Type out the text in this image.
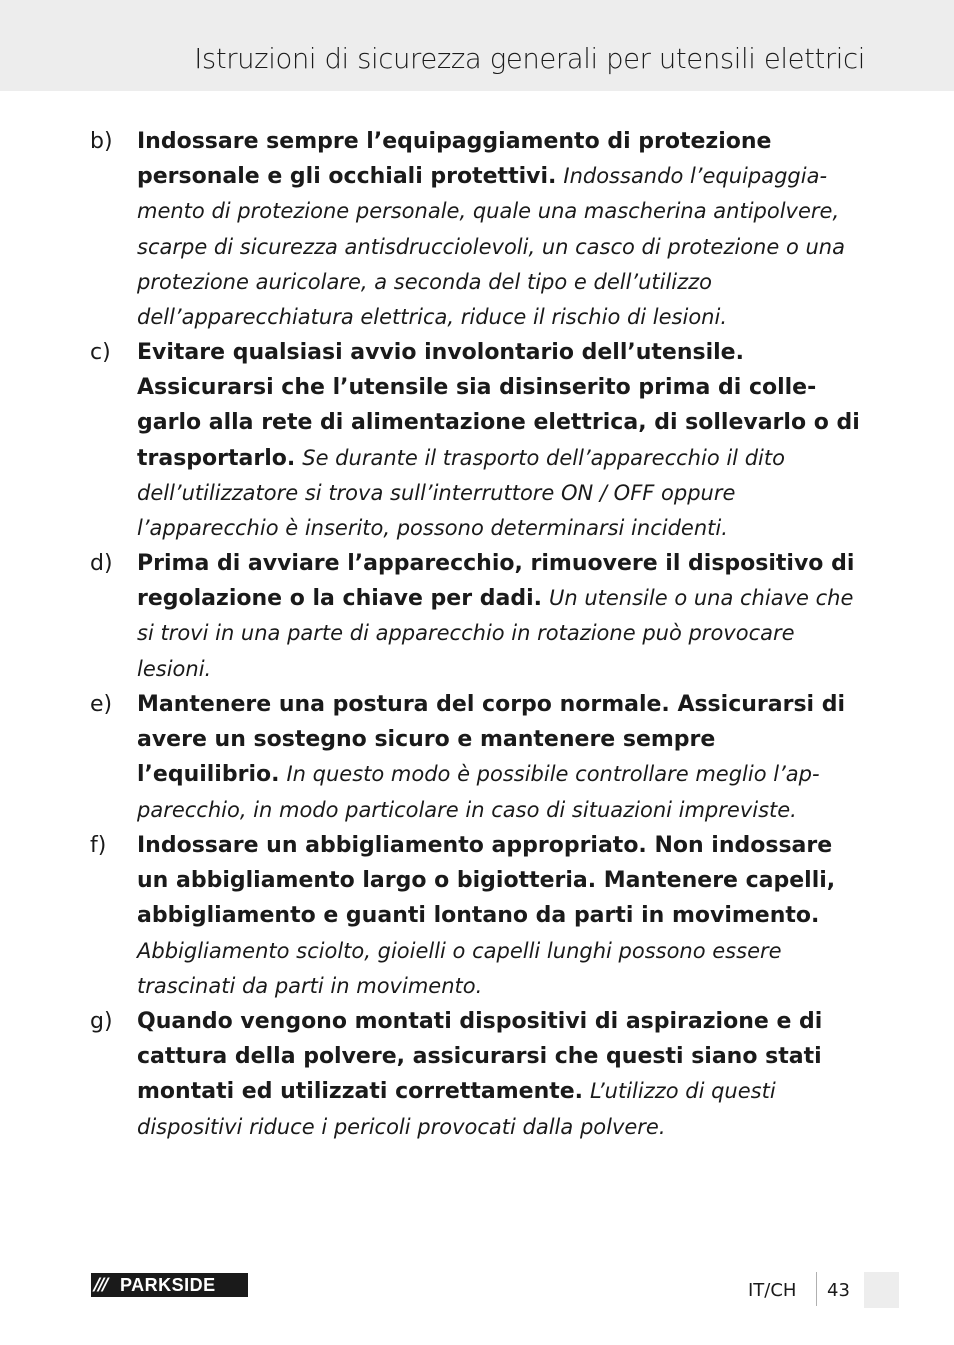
Istruzioni di sicurezza generali per utensili elettrici
b) Indossare sempre l’equipaggiamento di protezione personale e gli occhiali protettivi. Indossando l’equipaggiamento di protezione personale, quale una mascherina antipolvere, scarpe di sicurezza antisdrucciolevoli, un casco di protezione o una protezione auricolare, a seconda del tipo e dell’utilizzo dell’apparecchiatura elettrica, riduce il rischio di lesioni.
c) Evitare qualsiasi avvio involontario dell’utensile. Assicurarsi che l’utensile sia disinserito prima di collegarlo alla rete di alimentazione elettrica, di sollevarlo o di trasportarlo. Se durante il trasporto dell’apparecchio il dito dell’utilizzatore si trova sull’interruttore ON / OFF oppure l’apparecchio è inserito, possono determinarsi incidenti.
d) Prima di avviare l’apparecchio, rimuovere il dispositivo di regolazione o la chiave per dadi. Un utensile o una chiave che si trovi in una parte di apparecchio in rotazione può provocare lesioni.
e) Mantenere una postura del corpo normale. Assicurarsi di avere un sostegno sicuro e mantenere sempre l’equilibrio. In questo modo è possibile controllare meglio l’apparecchio, in modo particolare in caso di situazioni impreviste.
f) Indossare un abbigliamento appropriato. Non indossare un abbigliamento largo o bigiotteria. Mantenere capelli, abbigliamento e guanti lontano da parti in movimento. Abbigliamento sciolto, gioielli o capelli lunghi possono essere trascinati da parti in movimento.
g) Quando vengono montati dispositivi di aspirazione e di cattura della polvere, assicurarsi che questi siano stati montati ed utilizzati correttamente. L’utilizzo di questi dispositivi riduce i pericoli provocati dalla polvere.
/// PARKSIDE	IT/CH 43
